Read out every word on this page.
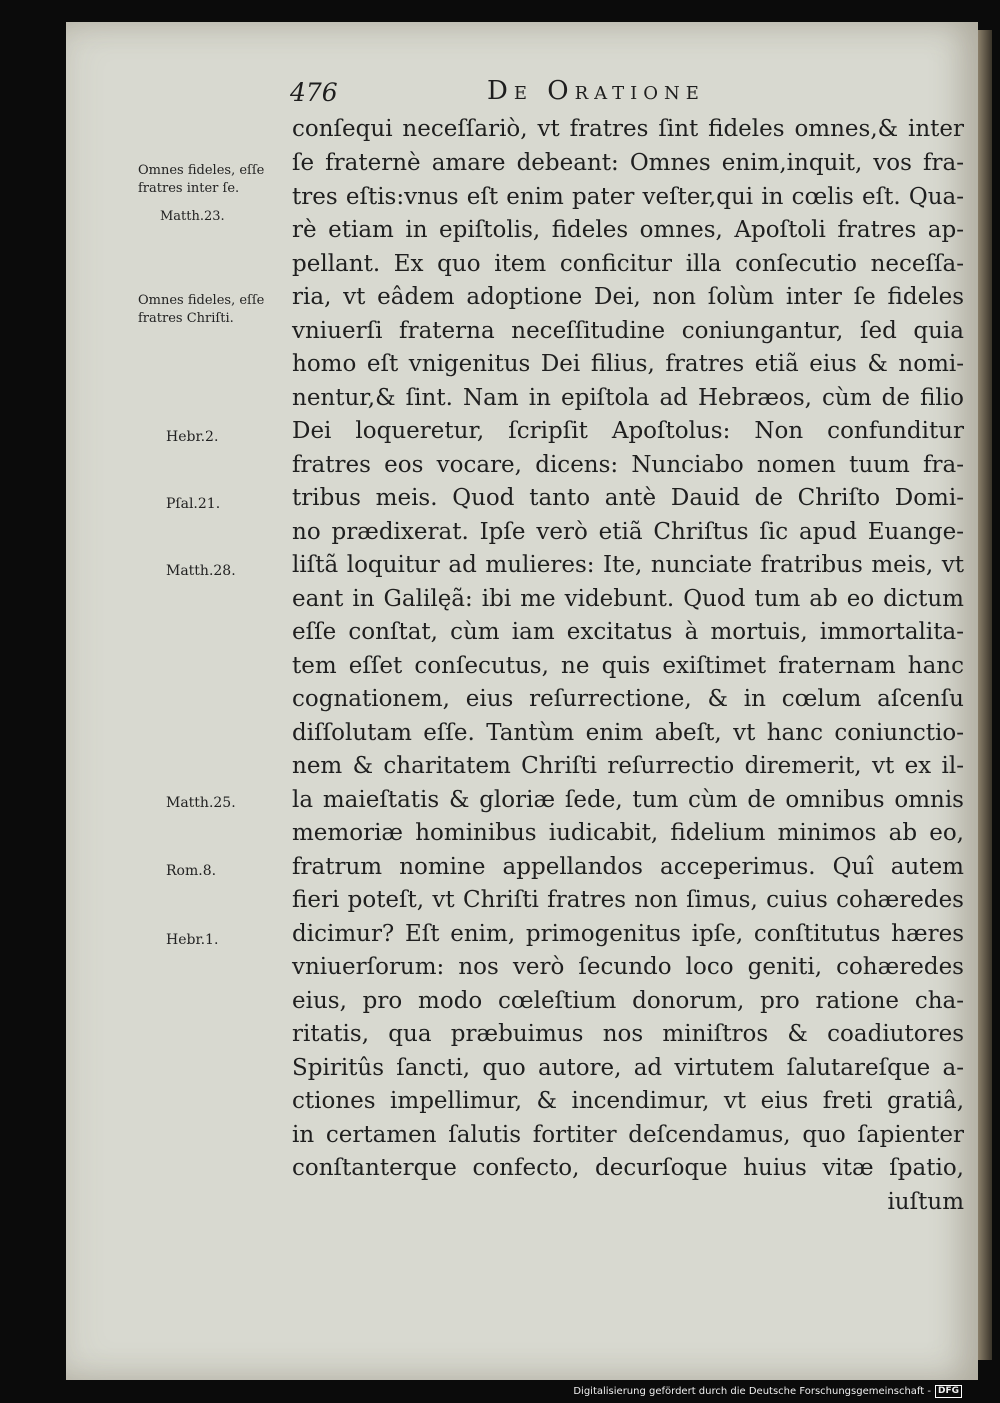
476	De Oratione
conſequi neceſſariò, vt fratres ſint fideles omnes,& inter
ſe fraternè amare debeant: Omnes enim,inquit, vos fra-
tres eſtis:vnus eſt enim pater veſter,qui in cœlis eſt. Qua-
rè etiam in epiſtolis, fideles omnes, Apoſtoli fratres ap-
pellant. Ex quo item conficitur illa conſecutio neceſſa-
ria, vt eâdem adoptione Dei, non ſolùm inter ſe fideles
vniuerſi fraterna neceſſitudine coniungantur, ſed quia
homo eſt vnigenitus Dei filius, fratres etiã eius & nomi-
nentur,& ſint. Nam in epiſtola ad Hebræos, cùm de filio
Dei loqueretur, ſcripſit Apoſtolus: Non confunditur
fratres eos vocare, dicens: Nunciabo nomen tuum fra-
tribus meis. Quod tanto antè Dauid de Chriſto Domi-
no prædixerat. Ipſe verò etiã Chriſtus ſic apud Euange-
liſtã loquitur ad mulieres: Ite, nunciate fratribus meis, vt
eant in Galilęã: ibi me videbunt. Quod tum ab eo dictum
eſſe conſtat, cùm iam excitatus à mortuis, immortalita-
tem eſſet conſecutus, ne quis exiſtimet fraternam hanc
cognationem, eius reſurrectione, & in cœlum aſcenſu
diſſolutam eſſe. Tantùm enim abeſt, vt hanc coniunctio-
nem & charitatem Chriſti reſurrectio diremerit, vt ex il-
la maieſtatis & gloriæ ſede, tum cùm de omnibus omnis
memoriæ hominibus iudicabit, fidelium minimos ab eo,
fratrum nomine appellandos acceperimus. Quî autem
fieri poteſt, vt Chriſti fratres non ſimus, cuius cohæredes
dicimur? Eſt enim, primogenitus ipſe, conſtitutus hæres
vniuerſorum: nos verò ſecundo loco geniti, cohæredes
eius, pro modo cœleſtium donorum, pro ratione cha-
ritatis, qua præbuimus nos miniſtros & coadiutores
Spiritûs ſancti, quo autore, ad virtutem ſalutareſque a-
ctiones impellimur, & incendimur, vt eius freti gratiâ,
in certamen ſalutis fortiter deſcendamus, quo ſapienter
conſtanterque confecto, decurſoque huius vitæ ſpatio,
iuſtum
Omnes fideles, eſſe
fratres inter ſe.
Matth.23.
Omnes fideles, eſſe
fratres Chriſti.
Hebr.2.
Pſal.21.
Matth.28.
Matth.25.
Rom.8.
Hebr.1.
Digitalisierung gefördert durch die Deutsche Forschungsgemeinschaft - DFG
